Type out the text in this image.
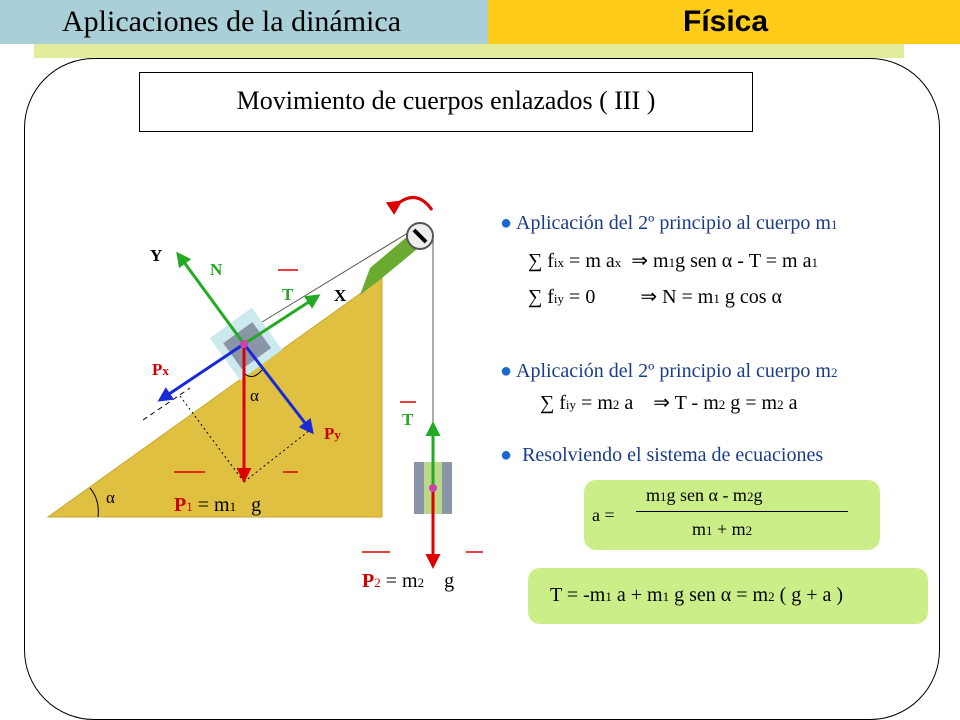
Aplicaciones de la dinámica	Física
Movimiento de cuerpos enlazados ( III )
Y
X
N
T
T
Px
Py
α
α	P1 = m1 g
P2 = m2 g
● Aplicación del 2º principio al cuerpo m1
∑ fix = m ax ⇒ m1g sen α - T = m a1
∑ fiy = 0 ⇒ N = m1 g cos α
● Aplicación del 2º principio al cuerpo m2
∑ fiy = m2 a ⇒ T - m2 g = m2 a
● Resolviendo el sistema de ecuaciones
a =
m1g sen α - m2g
m1 + m2
T = -m1 a + m1 g sen α = m2 ( g + a )
